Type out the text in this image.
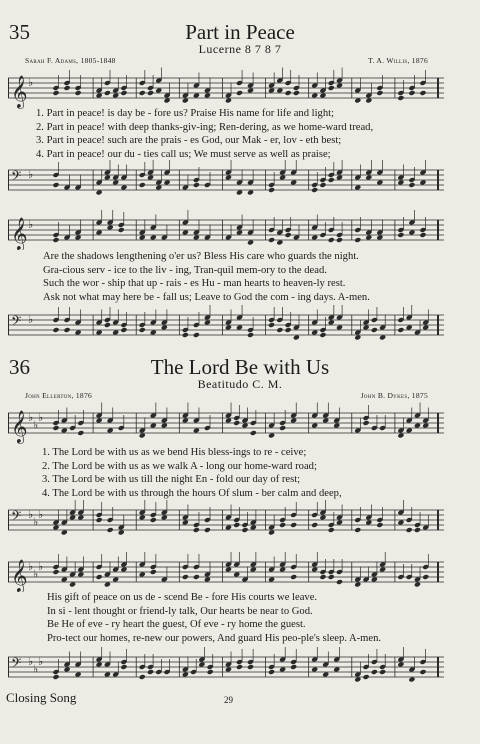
35	Part in Peace
Lucerne 8 7 8 7
Sarah F. Adams, 1805-1848	T. A. Willis, 1876
𝄞 ♭
1. Part in peace! is day be - fore us? Praise His name for life and light;
2. Part in peace! with deep thanks-giv-ing; Ren-dering, as we home-ward tread,
3. Part in peace! such are the prais - es God, our Mak - er, lov - eth best;
4. Part in peace! our du - ties call us; We must serve as well as praise;
𝄢 ♭
𝄞 ♭
Are the shadows lengthening o'er us? Bless His care who guards the night.
Gra-cious serv - ice to the liv - ing, Tran-quil mem-ory to the dead.
Such the wor - ship that up - rais - es Hu - man hearts to heaven-ly rest.
Ask not what may here be - fall us; Leave to God the com - ing days. A-men.
𝄢 ♭
36	The Lord Be with Us
Beatitudo C. M.
John Ellerton, 1876	John B. Dykes, 1875
𝄞 ♭
♭
♭
1. The Lord be with us as we bend His bless-ings to re - ceive;
2. The Lord be with us as we walk A - long our home-ward road;
3. The Lord be with us till the night En - fold our day of rest;
4. The Lord be with us through the hours Of slum - ber calm and deep,
𝄢 ♭
♭
♭
𝄞 ♭
♭
♭
His gift of peace on us de - scend Be - fore His courts we leave.
In si - lent thought or friend-ly talk, Our hearts be near to God.
Be He of eve - ry heart the guest, Of eve - ry home the guest.
Pro-tect our homes, re-new our powers, And guard His peo-ple's sleep. A-men.
𝄢 ♭
♭
♭
Closing Song	29
